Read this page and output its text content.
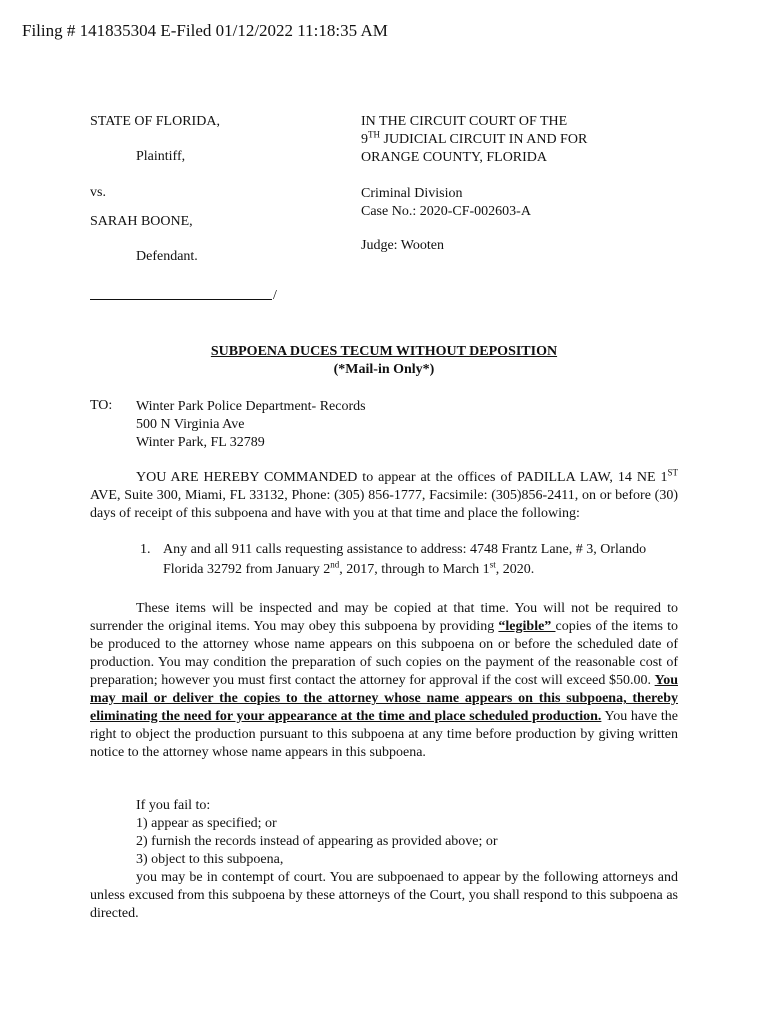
Filing # 141835304 E-Filed 01/12/2022 11:18:35 AM
STATE OF FLORIDA,
Plaintiff,
vs.
SARAH BOONE,
Defendant.
/
IN THE CIRCUIT COURT OF THE
9TH JUDICIAL CIRCUIT IN AND FOR
ORANGE COUNTY, FLORIDA
Criminal Division
Case No.: 2020-CF-002603-A
Judge: Wooten
SUBPOENA DUCES TECUM WITHOUT DEPOSITION
(*Mail-in Only*)
TO: Winter Park Police Department- Records
500 N Virginia Ave
Winter Park, FL 32789

YOU ARE HEREBY COMMANDED to appear at the offices of PADILLA LAW, 14 NE 1ST AVE, Suite 300, Miami, FL 33132, Phone: (305) 856-1777, Facsimile: (305)856-2411, on or before (30) days of receipt of this subpoena and have with you at that time and place the following:

1. Any and all 911 calls requesting assistance to address: 4748 Frantz Lane, # 3, Orlando Florida 32792 from January 2nd, 2017, through to March 1st, 2020.

These items will be inspected and may be copied at that time. You will not be required to surrender the original items. You may obey this subpoena by providing “legible” copies of the items to be produced to the attorney whose name appears on this subpoena on or before the scheduled date of production. You may condition the preparation of such copies on the payment of the reasonable cost of preparation; however you must first contact the attorney for approval if the cost will exceed $50.00. You may mail or deliver the copies to the attorney whose name appears on this subpoena, thereby eliminating the need for your appearance at the time and place scheduled production. You have the right to object the production pursuant to this subpoena at any time before production by giving written notice to the attorney whose name appears in this subpoena.

If you fail to:
1) appear as specified; or
2) furnish the records instead of appearing as provided above; or
3) object to this subpoena,

you may be in contempt of court. You are subpoenaed to appear by the following attorneys and unless excused from this subpoena by these attorneys of the Court, you shall respond to this subpoena as directed.
